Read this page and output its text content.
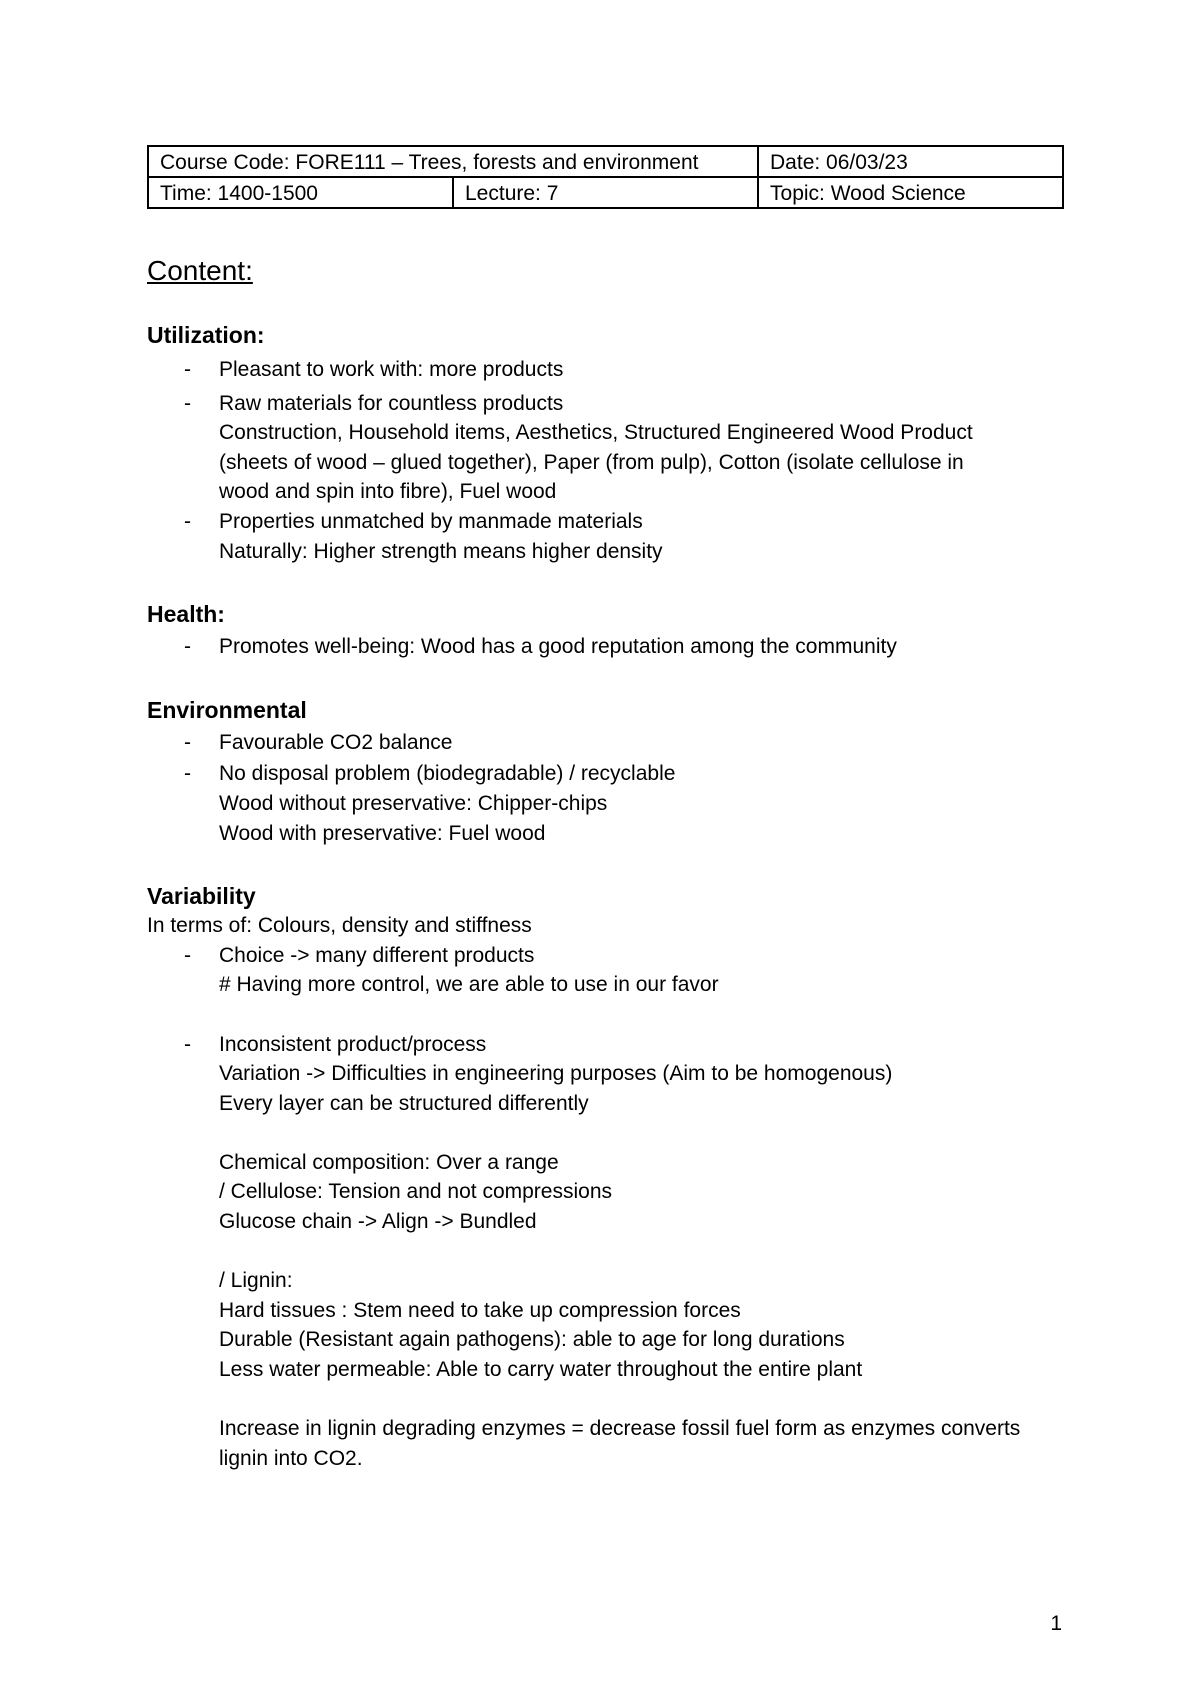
Course Code: FORE111 – Trees, forests and environment		Date: 06/03/23
Time: 1400-1500	Lecture: 7	Topic: Wood Science
Content:
Utilization:
- Pleasant to work with: more products
- Raw materials for countless products
Construction, Household items, Aesthetics, Structured Engineered Wood Product
(sheets of wood – glued together), Paper (from pulp), Cotton (isolate cellulose in
wood and spin into fibre), Fuel wood
- Properties unmatched by manmade materials
Naturally: Higher strength means higher density
Health:
- Promotes well-being: Wood has a good reputation among the community
Environmental
- Favourable CO2 balance
- No disposal problem (biodegradable) / recyclable
Wood without preservative: Chipper-chips
Wood with preservative: Fuel wood
Variability
In terms of: Colours, density and stiffness
- Choice -> many different products
# Having more control, we are able to use in our favor
- Inconsistent product/process
Variation -> Difficulties in engineering purposes (Aim to be homogenous)
Every layer can be structured differently
Chemical composition: Over a range
/ Cellulose: Tension and not compressions
Glucose chain -> Align -> Bundled
/ Lignin:
Hard tissues : Stem need to take up compression forces
Durable (Resistant again pathogens): able to age for long durations
Less water permeable: Able to carry water throughout the entire plant
Increase in lignin degrading enzymes = decrease fossil fuel form as enzymes converts
lignin into CO2.
1
